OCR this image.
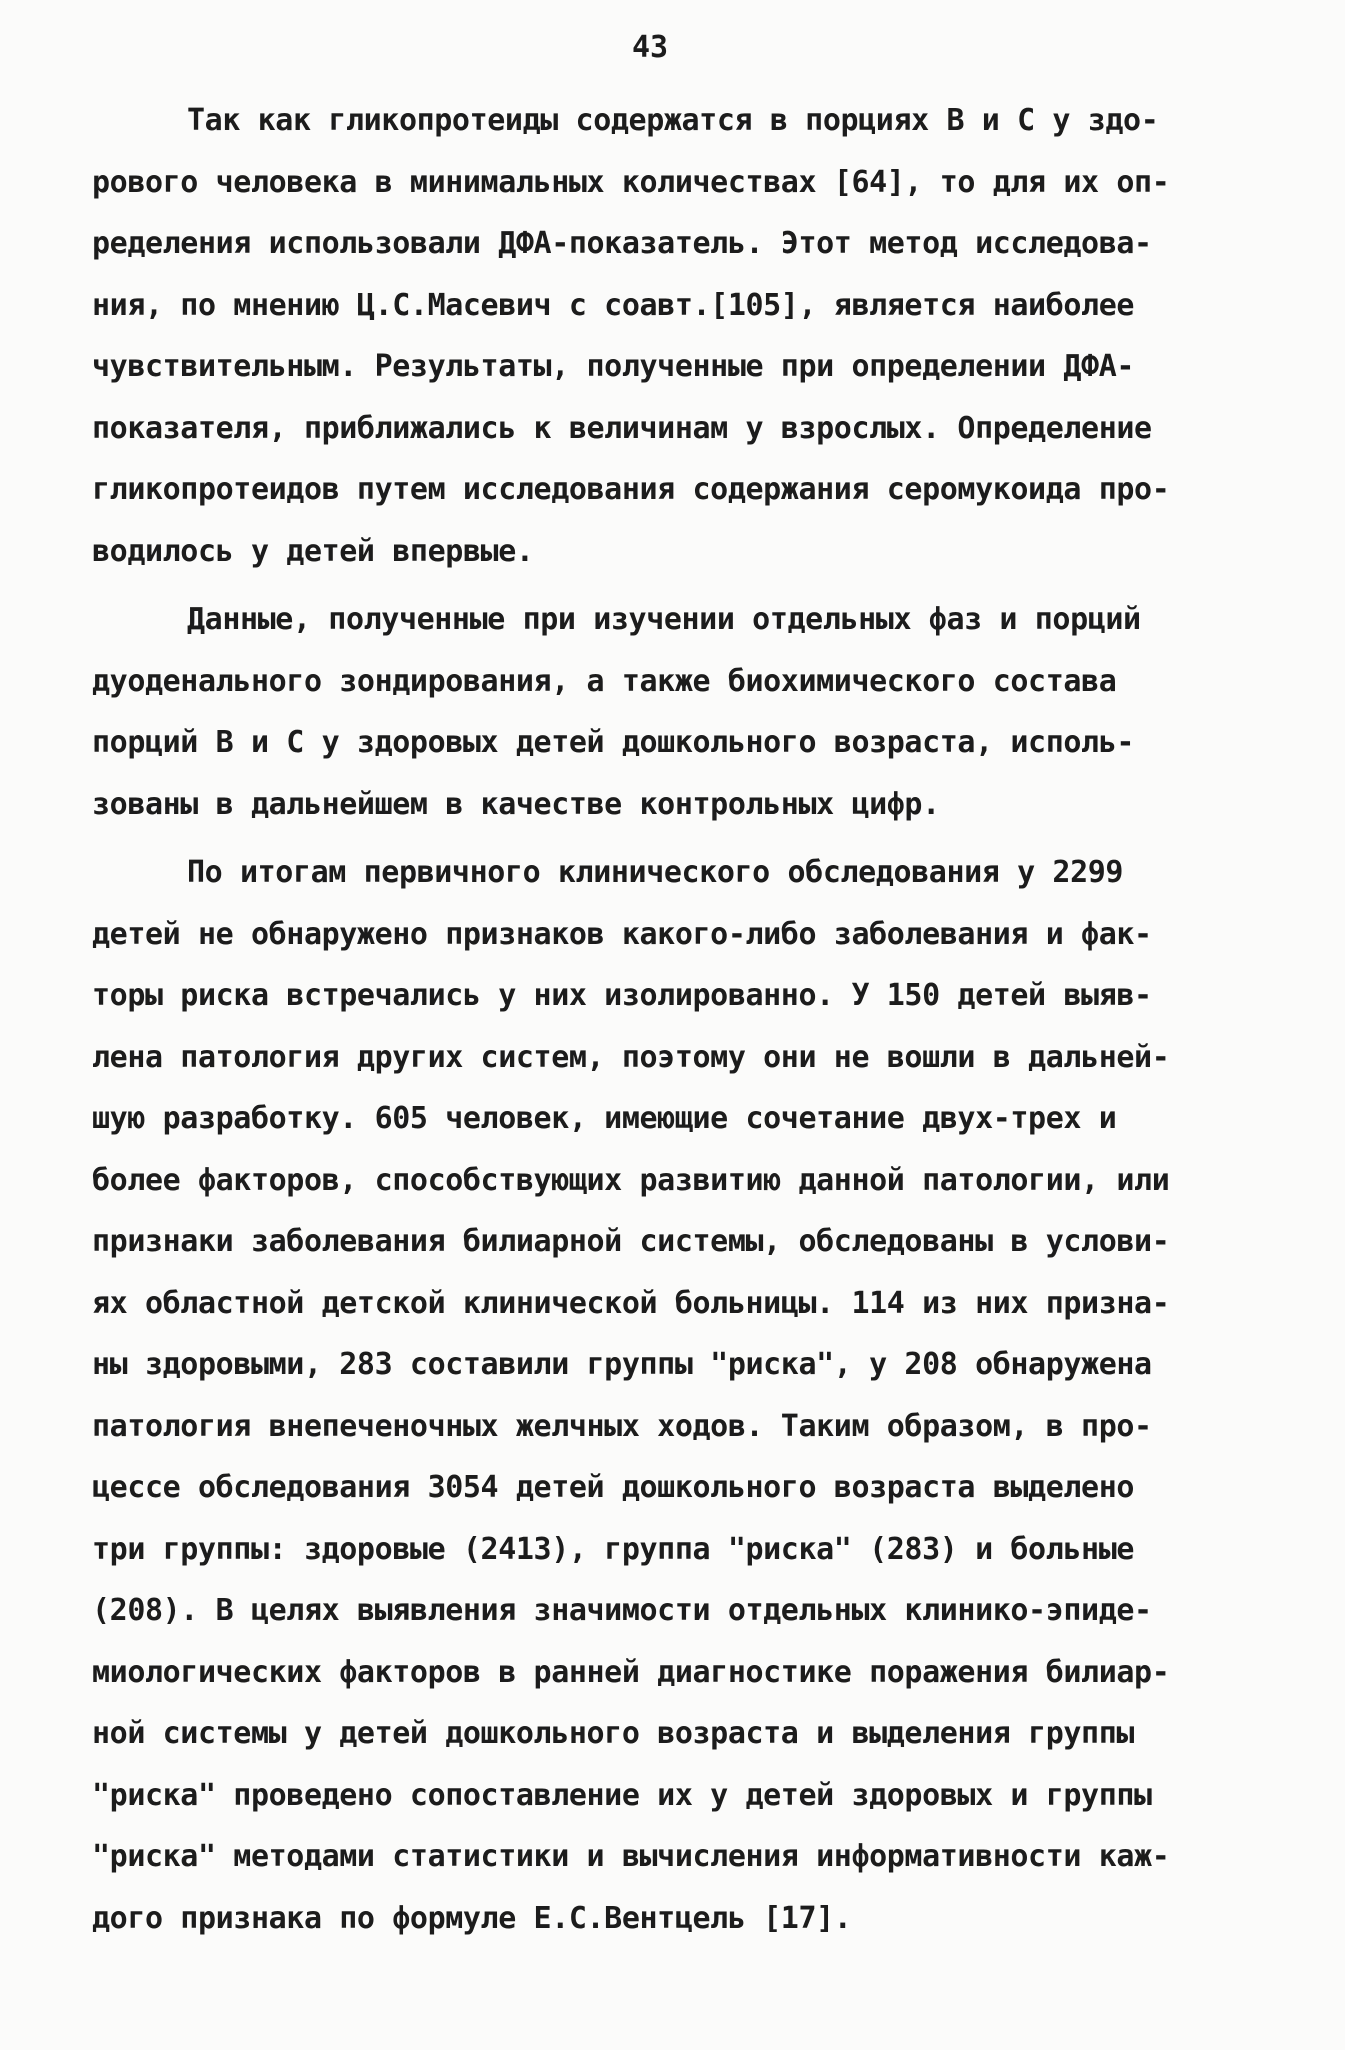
43
Так как гликопротеиды содержатся в порциях В и С у здо-
рового человека в минимальных количествах [64], то для их оп-
ределения использовали ДФА-показатель. Этот метод исследова-
ния, по мнению Ц.С.Масевич с соавт.[105], является наиболее
чувствительным. Результаты, полученные при определении ДФА-
показателя, приближались к величинам у взрослых. Определение
гликопротеидов путем исследования содержания серомукоида про-
водилось у детей впервые.
Данные, полученные при изучении отдельных фаз и порций
дуоденального зондирования, а также биохимического состава
порций В и С у здоровых детей дошкольного возраста, исполь-
зованы в дальнейшем в качестве контрольных цифр.
По итогам первичного клинического обследования у 2299
детей не обнаружено признаков какого-либо заболевания и фак-
торы риска встречались у них изолированно. У 150 детей выяв-
лена патология других систем, поэтому они не вошли в дальней-
шую разработку. 605 человек, имеющие сочетание двух-трех и
более факторов, способствующих развитию данной патологии, или
признаки заболевания билиарной системы, обследованы в услови-
ях областной детской клинической больницы. 114 из них призна-
ны здоровыми, 283 составили группы "риска", у 208 обнаружена
патология внепеченочных желчных ходов. Таким образом, в про-
цессе обследования 3054 детей дошкольного возраста выделено
три группы: здоровые (2413), группа "риска" (283) и больные
(208). В целях выявления значимости отдельных клинико-эпиде-
миологических факторов в ранней диагностике поражения билиар-
ной системы у детей дошкольного возраста и выделения группы
"риска" проведено сопоставление их у детей здоровых и группы
"риска" методами статистики и вычисления информативности каж-
дого признака по формуле Е.С.Вентцель [17].
